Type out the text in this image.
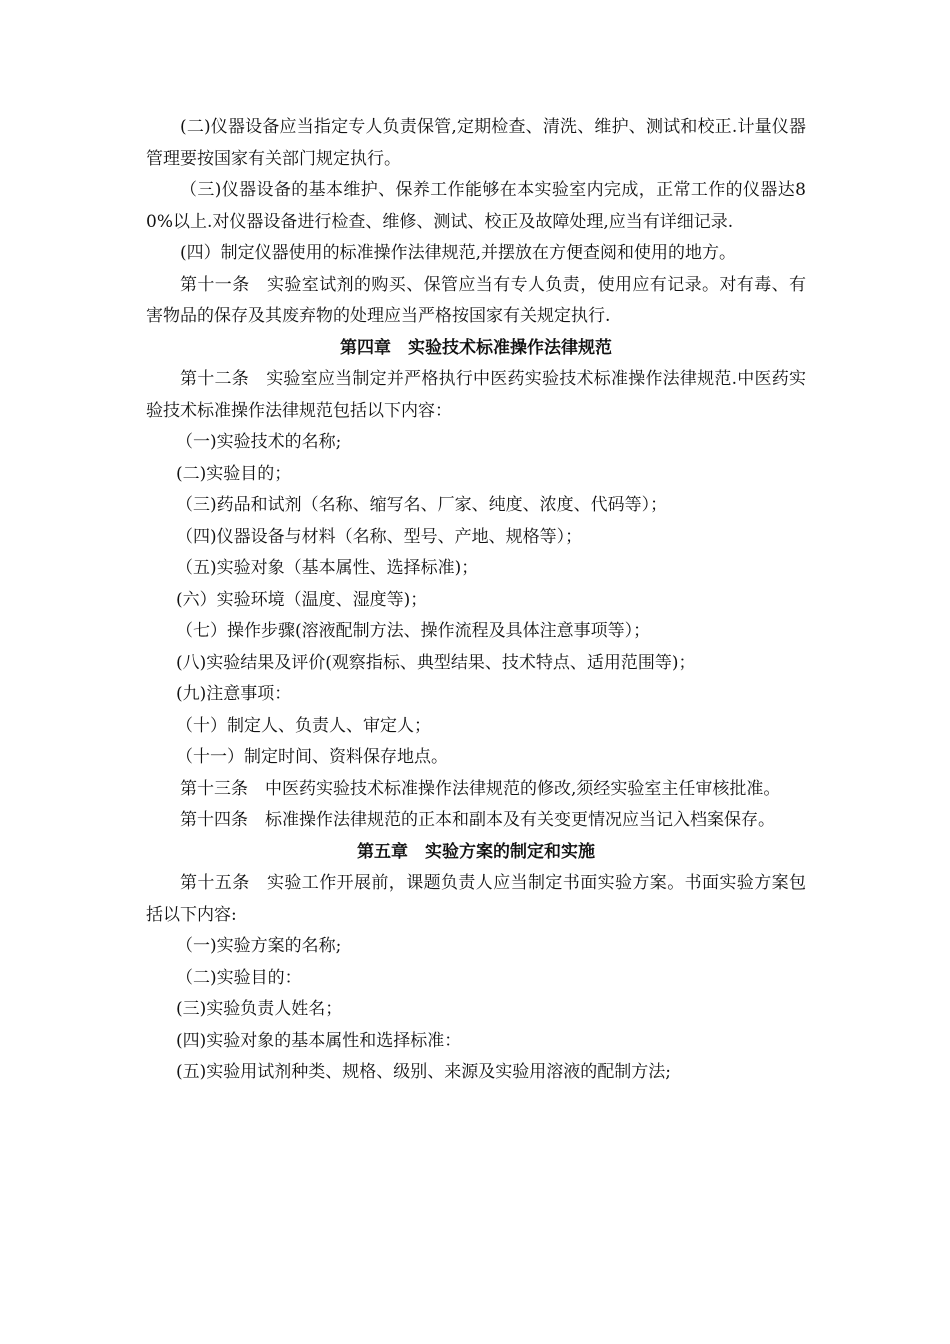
(二)仪器设备应当指定专人负责保管,定期检查、清洗、维护、测试和校正.计量仪器管理要按国家有关部门规定执行。

（三)仪器设备的基本维护、保养工作能够在本实验室内完成，正常工作的仪器达80%以上.对仪器设备进行检查、维修、测试、校正及故障处理,应当有详细记录.

(四）制定仪器使用的标准操作法律规范,并摆放在方便查阅和使用的地方。

第十一条　实验室试剂的购买、保管应当有专人负责，使用应有记录。对有毒、有害物品的保存及其废弃物的处理应当严格按国家有关规定执行.

第四章　实验技术标准操作法律规范

第十二条　实验室应当制定并严格执行中医药实验技术标准操作法律规范.中医药实验技术标准操作法律规范包括以下内容：

（一)实验技术的名称;

(二)实验目的；

（三)药品和试剂（名称、缩写名、厂家、纯度、浓度、代码等）；

（四)仪器设备与材料（名称、型号、产地、规格等）；

（五)实验对象（基本属性、选择标准)；

(六）实验环境（温度、湿度等)；

（七）操作步骤(溶液配制方法、操作流程及具体注意事项等）；

(八)实验结果及评价(观察指标、典型结果、技术特点、适用范围等)；

(九)注意事项：

（十）制定人、负责人、审定人；

（十一）制定时间、资料保存地点。

第十三条　中医药实验技术标准操作法律规范的修改,须经实验室主任审核批准。

第十四条　标准操作法律规范的正本和副本及有关变更情况应当记入档案保存。

第五章　实验方案的制定和实施

第十五条　实验工作开展前，课题负责人应当制定书面实验方案。书面实验方案包括以下内容:

（一)实验方案的名称;

（二)实验目的：

(三)实验负责人姓名；

(四)实验对象的基本属性和选择标准：

(五)实验用试剂种类、规格、级别、来源及实验用溶液的配制方法;
